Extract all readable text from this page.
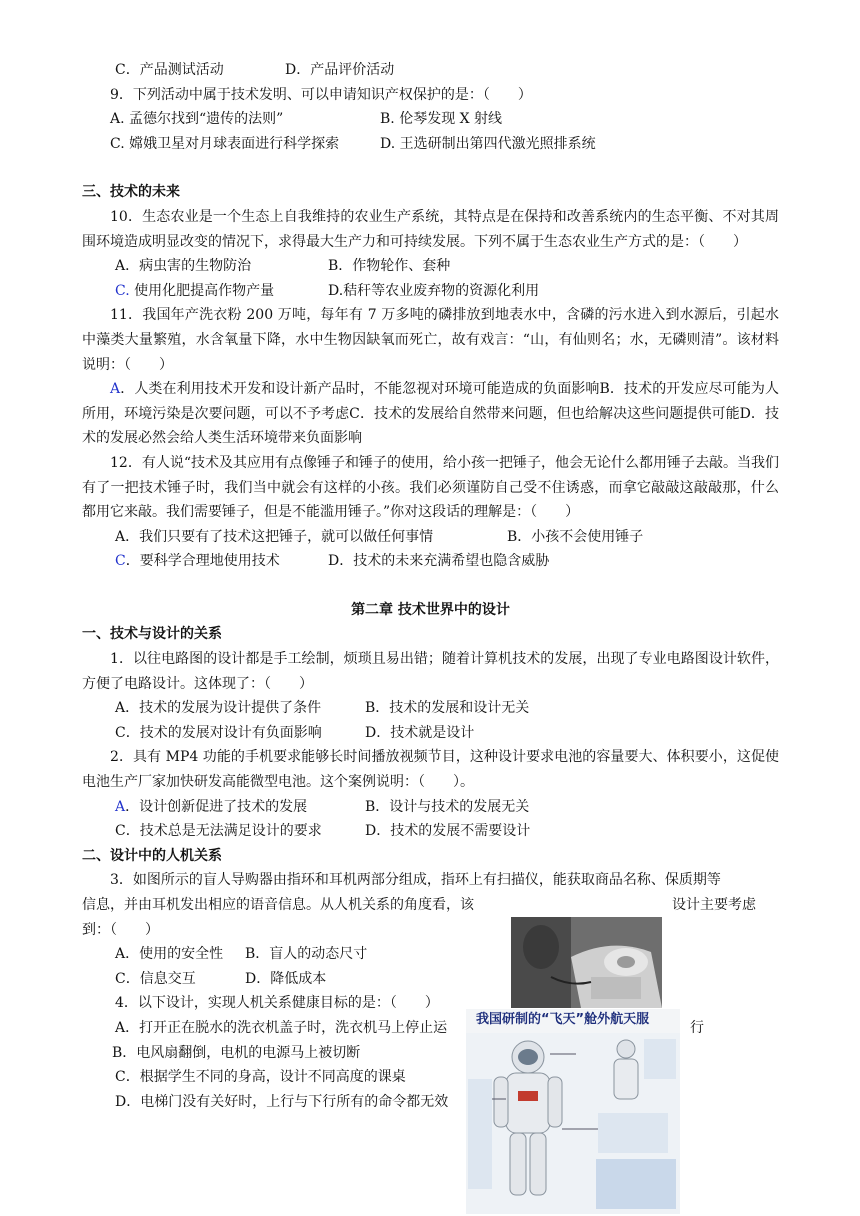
C．产品测试活动	D．产品评价活动
9．下列活动中属于技术发明、可以申请知识产权保护的是：（　　）
A. 孟德尔找到“遗传的法则”	B. 伦琴发现 X 射线
C. 嫦娥卫星对月球表面进行科学探索	D. 王选研制出第四代激光照排系统
三、技术的未来
10．生态农业是一个生态上自我维持的农业生产系统，其特点是在保持和改善系统内的生态平衡、不对其周围环境造成明显改变的情况下，求得最大生产力和可持续发展。下列不属于生态农业生产方式的是：（　　）
A．病虫害的生物防治	B．作物轮作、套种
C. 使用化肥提高作物产量	D.秸秆等农业废弃物的资源化利用
11．我国年产洗衣粉 200 万吨，每年有 7 万多吨的磷排放到地表水中，含磷的污水进入到水源后，引起水中藻类大量繁殖，水含氧量下降，水中生物因缺氧而死亡，故有戏言：“山，有仙则名；水，无磷则清”。该材料说明：（　　）
A．人类在利用技术开发和设计新产品时，不能忽视对环境可能造成的负面影响B．技术的开发应尽可能为人所用，环境污染是次要问题，可以不予考虑C．技术的发展给自然带来问题，但也给解决这些问题提供可能D．技术的发展必然会给人类生活环境带来负面影响
12．有人说“技术及其应用有点像锤子和锤子的使用，给小孩一把锤子，他会无论什么都用锤子去敲。当我们有了一把技术锤子时，我们当中就会有这样的小孩。我们必须谨防自己受不住诱惑，而拿它敲敲这敲敲那，什么都用它来敲。我们需要锤子，但是不能滥用锤子。”你对这段话的理解是：（　　）
A．我们只要有了技术这把锤子，就可以做任何事情	B．小孩不会使用锤子
C．要科学合理地使用技术	D．技术的未来充满希望也隐含威胁
第二章 技术世界中的设计
一、技术与设计的关系
1．以往电路图的设计都是手工绘制，烦琐且易出错；随着计算机技术的发展，出现了专业电路图设计软件，方便了电路设计。这体现了：（　　）
A．技术的发展为设计提供了条件	B．技术的发展和设计无关
C．技术的发展对设计有负面影响	D．技术就是设计
2．具有 MP4 功能的手机要求能够长时间播放视频节目，这种设计要求电池的容量要大、体积要小，这促使电池生产厂家加快研发高能微型电池。这个案例说明：（　　）。
A．设计创新促进了技术的发展	B．设计与技术的发展无关
C．技术总是无法满足设计的要求	D．技术的发展不需要设计
二、设计中的人机关系
3．如图所示的盲人导购器由指环和耳机两部分组成，指环上有扫描仪，能获取商品名称、保质期等
信息，并由耳机发出相应的语音信息。从人机关系的角度看，该	设计主要考虑
到：（　　）
A．使用的安全性 B．盲人的动态尺寸
C．信息交互	D．降低成本
4．以下设计，实现人机关系健康目标的是：（　　）
A．打开正在脱水的洗衣机盖子时，洗衣机马上停止运	行
B．电风扇翻倒，电机的电源马上被切断
C．根据学生不同的身高，设计不同高度的课桌
D．电梯门没有关好时，上行与下行所有的命令都无效
我国研制的“飞天”舱外航天服
